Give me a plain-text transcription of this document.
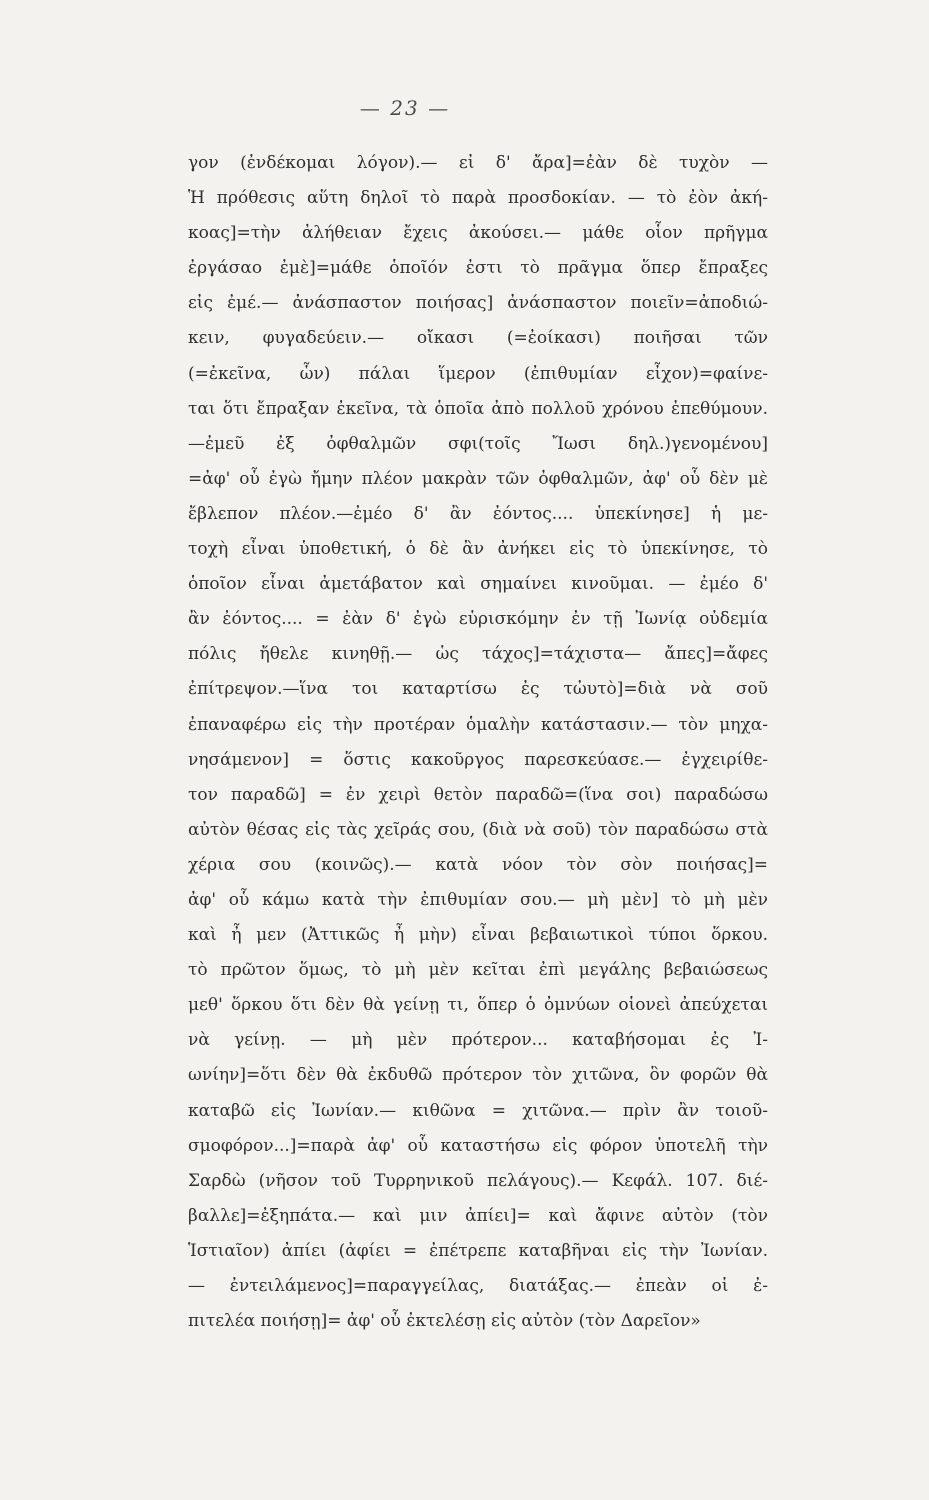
— 23 —
γον (ἐνδέκομαι λόγον).— εἰ δ' ἄρα]=ἐὰν δὲ τυχὸν —
Ἡ πρόθεσις αὕτη δηλοῖ τὸ παρὰ προσδοκίαν. — τὸ ἐὸν ἀκή-
κοας]=τὴν ἀλήθειαν ἔχεις ἀκούσει.— μάθε οἷον πρῆγμα
ἐργάσαο ἐμὲ]=μάθε ὁποῖόν ἐστι τὸ πρᾶγμα ὅπερ ἔπραξες
εἰς ἐμέ.— ἀνάσπαστον ποιήσας] ἀνάσπαστον ποιεῖν=ἀποδιώ-
κειν, φυγαδεύειν.— οἴκασι (=ἐοίκασι) ποιῆσαι τῶν
(=ἐκεῖνα, ὧν) πάλαι ἵμερον (ἐπιθυμίαν εἶχον)=φαίνε-
ται ὅτι ἔπραξαν ἐκεῖνα, τὰ ὁποῖα ἀπὸ πολλοῦ χρόνου ἐπεθύμουν.
—ἐμεῦ ἐξ ὀφθαλμῶν σφι(τοῖς Ἴωσι δηλ.)γενομένου]
=ἀφ' οὗ ἐγὼ ἤμην πλέον μακρὰν τῶν ὀφθαλμῶν, ἀφ' οὗ δὲν μὲ
ἔβλεπον πλέον.—ἐμέο δ' ἂν ἐόντος.... ὑπεκίνησε] ἡ με-
τοχὴ εἶναι ὑποθετική, ὁ δὲ ἂν ἀνήκει εἰς τὸ ὑπεκίνησε, τὸ
ὁποῖον εἶναι ἀμετάβατον καὶ σημαίνει κινοῦμαι. — ἐμέο δ'
ἂν ἐόντος.... = ἐὰν δ' ἐγὼ εὑρισκόμην ἐν τῇ Ἰωνίᾳ οὐδεμία
πόλις ἤθελε κινηθῇ.— ὡς τάχος]=τάχιστα— ἄπες]=ἄφες
ἐπίτρεψον.—ἵνα τοι καταρτίσω ἐς τὠυτὸ]=διὰ νὰ σοῦ
ἐπαναφέρω εἰς τὴν προτέραν ὁμαλὴν κατάστασιν.— τὸν μηχα-
νησάμενον] = ὅστις κακοῦργος παρεσκεύασε.— ἐγχειρίθε-
τον παραδῶ] = ἐν χειρὶ θετὸν παραδῶ=(ἵνα σοι) παραδώσω
αὐτὸν θέσας εἰς τὰς χεῖράς σου, (διὰ νὰ σοῦ) τὸν παραδώσω στὰ
χέρια σου (κοινῶς).— κατὰ νόον τὸν σὸν ποιήσας]=
ἀφ' οὗ κάμω κατὰ τὴν ἐπιθυμίαν σου.— μὴ μὲν] τὸ μὴ μὲν
καὶ ἦ μεν (Ἀττικῶς ἦ μὴν) εἶναι βεβαιωτικοὶ τύποι ὅρκου.
τὸ πρῶτον ὅμως, τὸ μὴ μὲν κεῖται ἐπὶ μεγάλης βεβαιώσεως
μεθ' ὅρκου ὅτι δὲν θὰ γείνῃ τι, ὅπερ ὁ ὀμνύων οἱονεὶ ἀπεύχεται
νὰ γείνῃ. — μὴ μὲν πρότερον... καταβήσομαι ἐς Ἰ-
ωνίην]=ὅτι δὲν θὰ ἐκδυθῶ πρότερον τὸν χιτῶνα, ὃν φορῶν θὰ
καταβῶ εἰς Ἰωνίαν.— κιθῶνα = χιτῶνα.— πρὶν ἂν τοιοῦ-
σμοφόρον...]=παρὰ ἀφ' οὗ καταστήσω εἰς φόρον ὑποτελῆ τὴν
Σαρδὼ (νῆσον τοῦ Τυρρηνικοῦ πελάγους).— Κεφάλ. 107. διέ-
βαλλε]=ἐξηπάτα.— καὶ μιν ἀπίει]= καὶ ἄφινε αὐτὸν (τὸν
Ἱστιαῖον) ἀπίει (ἀφίει = ἐπέτρεπε καταβῆναι εἰς τὴν Ἰωνίαν.
— ἐντειλάμενος]=παραγγείλας, διατάξας.— ἐπεὰν οἱ ἐ-
πιτελέα ποιήσῃ]= ἀφ' οὗ ἐκτελέσῃ εἰς αὐτὸν (τὸν Δαρεῖον»
